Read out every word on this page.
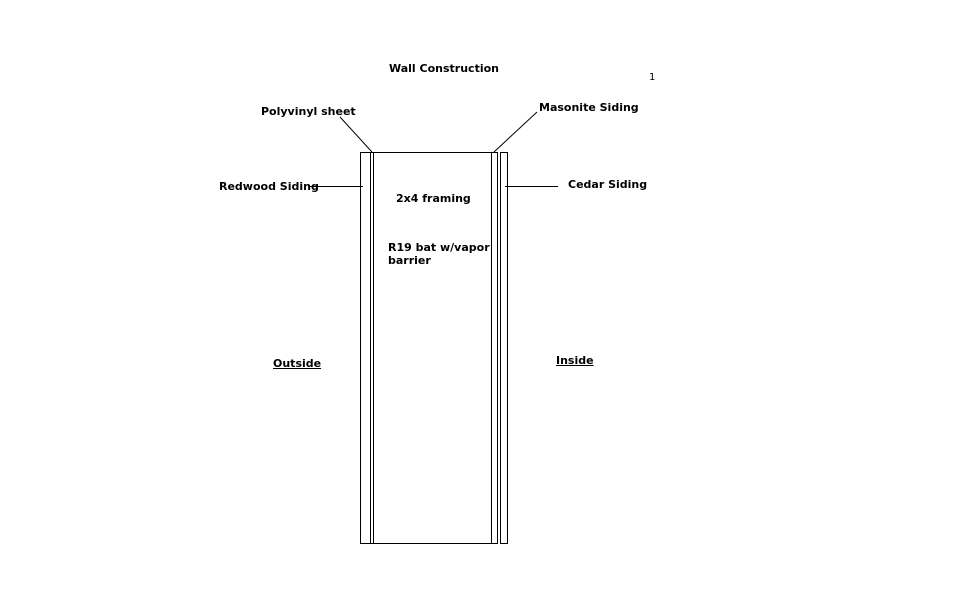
Wall Construction
1
Polyvinyl sheet	Masonite Siding
Redwood Siding	Cedar Siding
2x4 framing
R19 bat w/vapor
barrier
Outside	Inside
